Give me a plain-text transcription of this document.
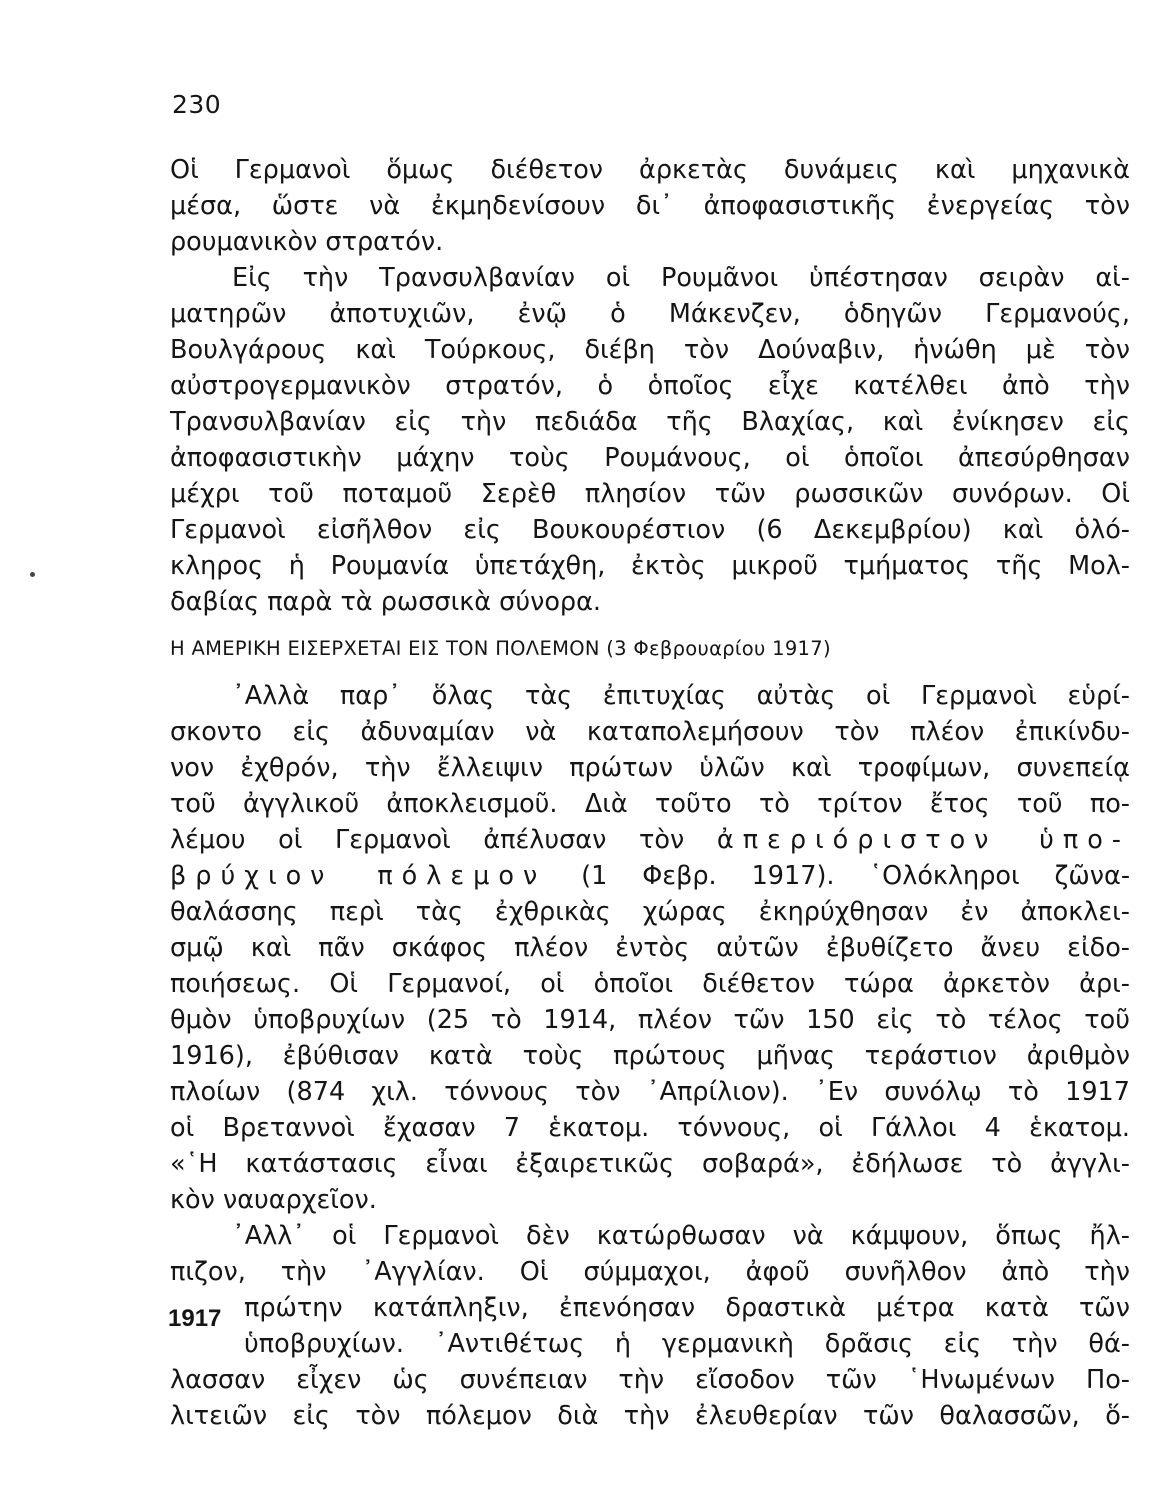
230
Οἱ Γερμανοὶ ὅμως διέθετον ἀρκετὰς δυνάμεις καὶ μηχανικὰ
μέσα, ὥστε νὰ ἐκμηδενίσουν δι᾽ ἀποφασιστικῆς ἐνεργείας τὸν
ρουμανικὸν στρατόν.
Εἰς τὴν Τρανσυλβανίαν οἱ Ρουμᾶνοι ὑπέστησαν σειρὰν αἱ-
ματηρῶν ἀποτυχιῶν, ἐνῷ ὁ Μάκενζεν, ὁδηγῶν Γερμανούς,
Βουλγάρους καὶ Τούρκους, διέβη τὸν Δούναβιν, ἡνώθη μὲ τὸν
αὐστρογερμανικὸν στρατόν, ὁ ὁποῖος εἶχε κατέλθει ἀπὸ τὴν
Τρανσυλβανίαν εἰς τὴν πεδιάδα τῆς Βλαχίας, καὶ ἐνίκησεν εἰς
ἀποφασιστικὴν μάχην τοὺς Ρουμάνους, οἱ ὁποῖοι ἀπεσύρθησαν
μέχρι τοῦ ποταμοῦ Σερὲθ πλησίον τῶν ρωσσικῶν συνόρων. Οἱ
Γερμανοὶ εἰσῆλθον εἰς Βουκουρέστιον (6 Δεκεμβρίου) καὶ ὁλό-
κληρος ἡ Ρουμανία ὑπετάχθη, ἐκτὸς μικροῦ τμήματος τῆς Μολ-
δαβίας παρὰ τὰ ρωσσικὰ σύνορα.
Η ΑΜΕΡΙΚΗ ΕΙΣΕΡΧΕΤΑΙ ΕΙΣ ΤΟΝ ΠΟΛΕΜΟΝ (3 Φεβρουαρίου 1917)
᾽Αλλὰ παρ᾽ ὅλας τὰς ἐπιτυχίας αὐτὰς οἱ Γερμανοὶ εὑρί-
σκοντο εἰς ἀδυναμίαν νὰ καταπολεμήσουν τὸν πλέον ἐπικίνδυ-
νον ἐχθρόν, τὴν ἔλλειψιν πρώτων ὑλῶν καὶ τροφίμων, συνεπείᾳ
τοῦ ἀγγλικοῦ ἀποκλεισμοῦ. Διὰ τοῦτο τὸ τρίτον ἔτος τοῦ πο-
λέμου οἱ Γερμανοὶ ἀπέλυσαν τὸν ἀπεριόριστον ὑπο-
βρύχιον πόλεμον (1 Φεβρ. 1917). ῾Ολόκληροι ζῶνα-
θαλάσσης περὶ τὰς ἐχθρικὰς χώρας ἐκηρύχθησαν ἐν ἀποκλει-
σμῷ καὶ πᾶν σκάφος πλέον ἐντὸς αὐτῶν ἐβυθίζετο ἄνευ εἰδο-
ποιήσεως. Οἱ Γερμανοί, οἱ ὁποῖοι διέθετον τώρα ἀρκετὸν ἀρι-
θμὸν ὑποβρυχίων (25 τὸ 1914, πλέον τῶν 150 εἰς τὸ τέλος τοῦ
1916), ἐβύθισαν κατὰ τοὺς πρώτους μῆνας τεράστιον ἀριθμὸν
πλοίων (874 χιλ. τόννους τὸν ᾽Απρίλιον). ᾽Εν συνόλῳ τὸ 1917
οἱ Βρεταννοὶ ἔχασαν 7 ἑκατομ. τόννους, οἱ Γάλλοι 4 ἑκατομ.
«῾Η κατάστασις εἶναι ἐξαιρετικῶς σοβαρά», ἐδήλωσε τὸ ἀγγλι-
κὸν ναυαρχεῖον.
᾽Αλλ᾽ οἱ Γερμανοὶ δὲν κατώρθωσαν νὰ κάμψουν, ὅπως ἤλ-
πιζον, τὴν ᾽Αγγλίαν. Οἱ σύμμαχοι, ἀφοῦ συνῆλθον ἀπὸ τὴν
πρώτην κατάπληξιν, ἐπενόησαν δραστικὰ μέτρα κατὰ τῶν
ὑποβρυχίων. ᾽Αντιθέτως ἡ γερμανικὴ δρᾶσις εἰς τὴν θά-
λασσαν εἶχεν ὡς συνέπειαν τὴν εἴσοδον τῶν ῾Ηνωμένων Πο-
λιτειῶν εἰς τὸν πόλεμον διὰ τὴν ἐλευθερίαν τῶν θαλασσῶν, ὅ-
1917
